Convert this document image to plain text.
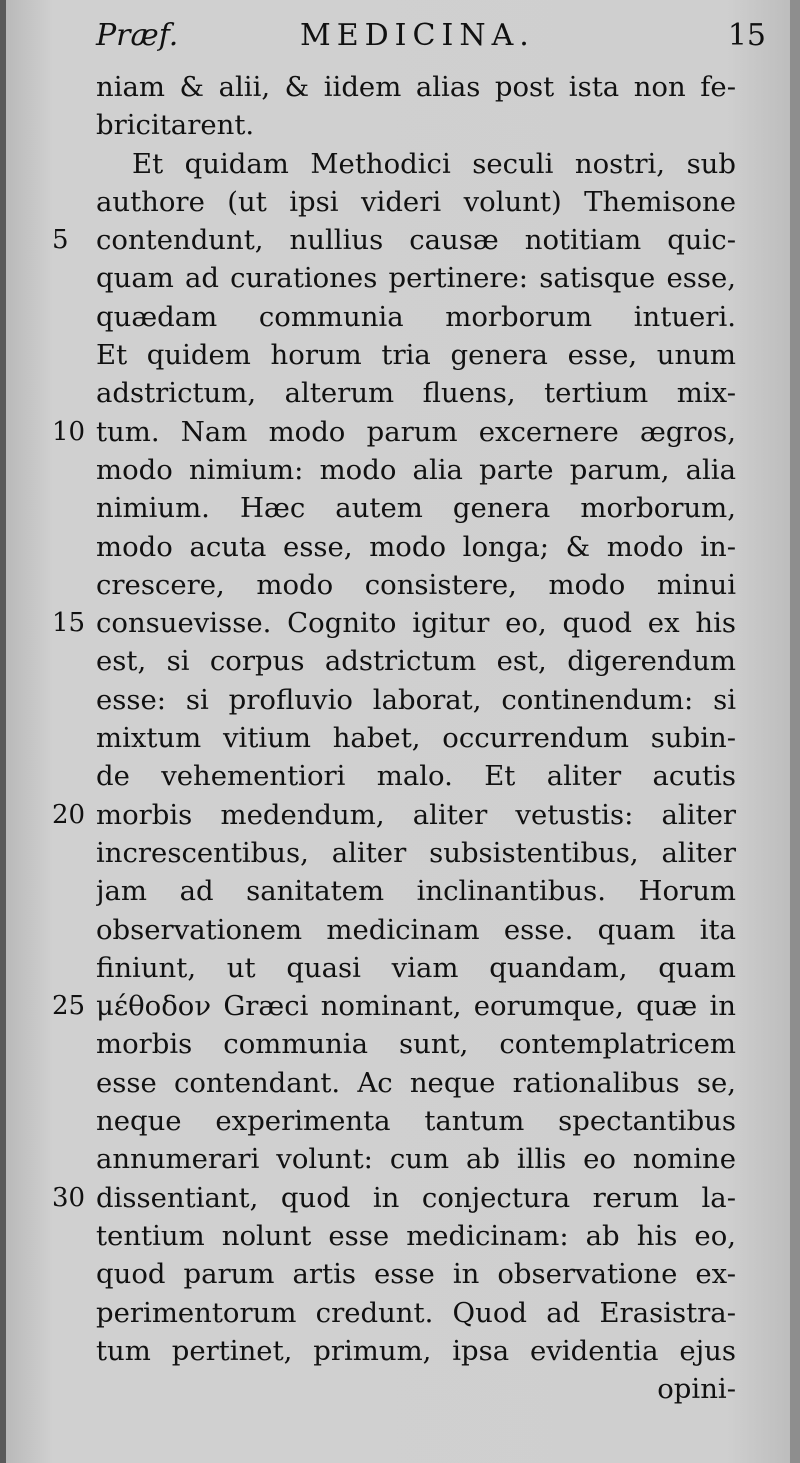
Præf.	MEDICINA.	15
5
10
15
20
25
30
niam & alii, & iidem alias post ista non fe-
bricitarent.
Et quidam Methodici seculi nostri, sub
authore (ut ipsi videri volunt) Themisone
contendunt, nullius causæ notitiam quic-
quam ad curationes pertinere: satisque esse,
quædam communia morborum intueri.
Et quidem horum tria genera esse, unum
adstrictum, alterum fluens, tertium mix-
tum. Nam modo parum excernere ægros,
modo nimium: modo alia parte parum, alia
nimium. Hæc autem genera morborum,
modo acuta esse, modo longa; & modo in-
crescere, modo consistere, modo minui
consuevisse. Cognito igitur eo, quod ex his
est, si corpus adstrictum est, digerendum
esse: si profluvio laborat, continendum: si
mixtum vitium habet, occurrendum subin-
de vehementiori malo. Et aliter acutis
morbis medendum, aliter vetustis: aliter
increscentibus, aliter subsistentibus, aliter
jam ad sanitatem inclinantibus. Horum
observationem medicinam esse. quam ita
finiunt, ut quasi viam quandam, quam
μέθοδον Græci nominant, eorumque, quæ in
morbis communia sunt, contemplatricem
esse contendant. Ac neque rationalibus se,
neque experimenta tantum spectantibus
annumerari volunt: cum ab illis eo nomine
dissentiant, quod in conjectura rerum la-
tentium nolunt esse medicinam: ab his eo,
quod parum artis esse in observatione ex-
perimentorum credunt. Quod ad Erasistra-
tum pertinet, primum, ipsa evidentia ejus
opini-
